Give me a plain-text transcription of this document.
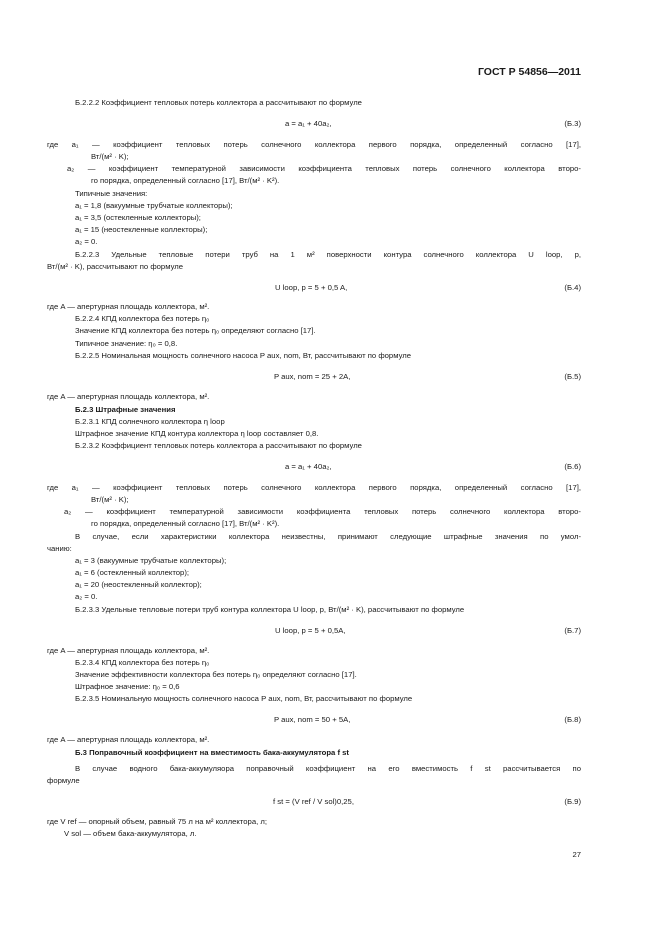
ГОСТ Р 54856—2011
Б.2.2.2 Коэффициент тепловых потерь коллектора a рассчитывают по формуле
a = a₁ + 40a₂,	(Б.3)
где a₁ — коэффициент тепловых потерь солнечного коллектора первого порядка, определенный согласно [17],
Вт/(м² · K);
a₂ — коэффициент температурной зависимости коэффициента тепловых потерь солнечного коллектора второ-
го порядка, определенный согласно [17], Вт/(м² · K²).
Типичные значения:
a₁ = 1,8 (вакуумные трубчатые коллекторы);
a₁ = 3,5 (остекленные коллекторы);
a₁ = 15 (неостекленные коллекторы);
a₂ = 0.
Б.2.2.3 Удельные тепловые потери труб на 1 м² поверхности контура солнечного коллектора U loop, p,
Вт/(м² · K), рассчитывают по формуле
U loop, p = 5 + 0,5 A,	(Б.4)
где A — апертурная площадь коллектора, м².
Б.2.2.4 КПД коллектора без потерь η₀
Значение КПД коллектора без потерь η₀ определяют согласно [17].
Типичное значение: η₀ = 0,8.
Б.2.2.5 Номинальная мощность солнечного насоса P aux, nom, Вт, рассчитывают по формуле
P aux, nom = 25 + 2A,	(Б.5)
где A — апертурная площадь коллектора, м².
Б.2.3 Штрафные значения
Б.2.3.1 КПД солнечного коллектора η loop
Штрафное значение КПД контура коллектора η loop составляет 0,8.
Б.2.3.2 Коэффициент тепловых потерь коллектора a рассчитывают по формуле
a = a₁ + 40a₂,	(Б.6)
где a₁ — коэффициент тепловых потерь солнечного коллектора первого порядка, определенный согласно [17],
Вт/(м² · K);
a₂ — коэффициент температурной зависимости коэффициента тепловых потерь солнечного коллектора второ-
го порядка, определенный согласно [17], Вт/(м² · K²).
В случае, если характеристики коллектора неизвестны, принимают следующие штрафные значения по умол-
чанию:
a₁ = 3 (вакуумные трубчатые коллекторы);
a₁ = 6 (остекленный коллектор);
a₁ = 20 (неостекленный коллектор);
a₂ = 0.
Б.2.3.3 Удельные тепловые потери труб контура коллектора U loop, p, Вт/(м² · K), рассчитывают по формуле
U loop, p = 5 + 0,5A,	(Б.7)
где A — апертурная площадь коллектора, м².
Б.2.3.4 КПД коллектора без потерь η₀
Значение эффективности коллектора без потерь η₀ определяют согласно [17].
Штрафное значение: η₀ = 0,6
Б.2.3.5 Номинальную мощность солнечного насоса P aux, nom, Вт, рассчитывают по формуле
P aux, nom = 50 + 5A,	(Б.8)
где A — апертурная площадь коллектора, м².
Б.3 Поправочный коэффициент на вместимость бака-аккумулятора f st
В случае водного бака-аккумуляора поправочный коэффициент на его вместимость f st рассчитывается по
формуле
f st = (V ref / V sol)0,25,	(Б.9)
где V ref — опорный объем, равный 75 л на м² коллектора, л;
V sol — объем бака-аккумулятора, л.
27
